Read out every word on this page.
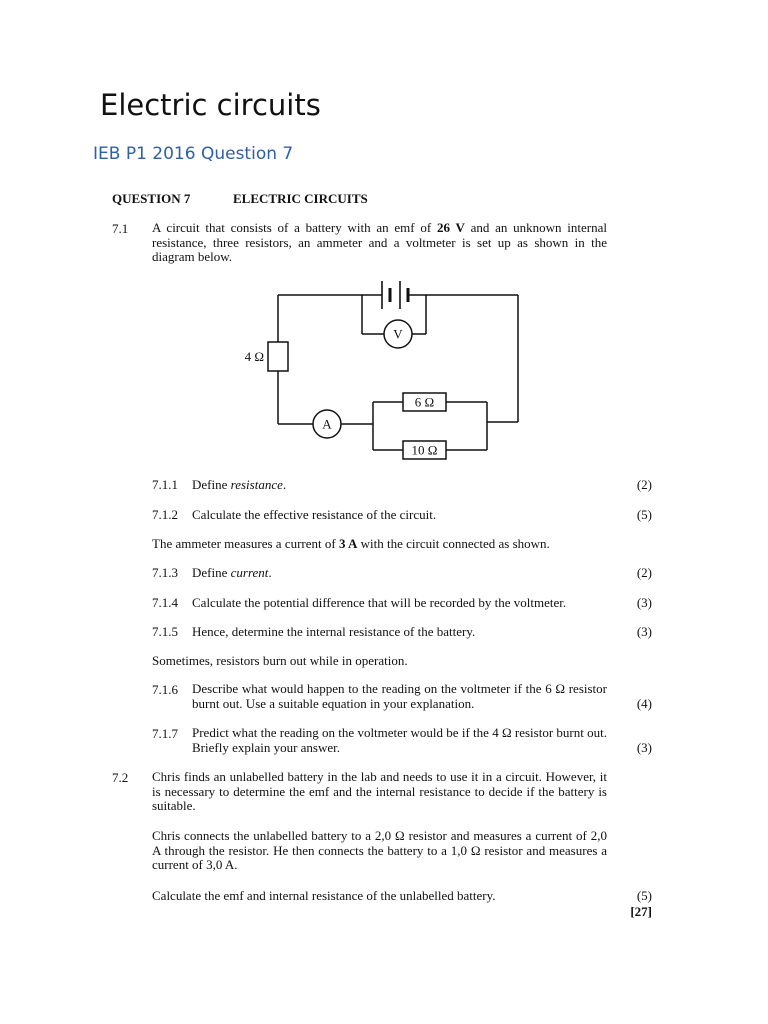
Electric circuits
IEB P1 2016 Question 7
QUESTION 7	ELECTRIC CIRCUITS
7.1 A circuit that consists of a battery with an emf of 26 V and an unknown internal resistance, three resistors, an ammeter and a voltmeter is set up as shown in the diagram below.
4 Ω
6 Ω
10 Ω
V
A
7.1.1 Define resistance.	(2)
7.1.2 Calculate the effective resistance of the circuit.	(5)
The ammeter measures a current of 3 A with the circuit connected as shown.
7.1.3 Define current.	(2)
7.1.4 Calculate the potential difference that will be recorded by the voltmeter.	(3)
7.1.5 Hence, determine the internal resistance of the battery.	(3)
Sometimes, resistors burn out while in operation.
7.1.6 Describe what would happen to the reading on the voltmeter if the 6 Ω resistor burnt out. Use a suitable equation in your explanation.	(4)
7.1.7 Predict what the reading on the voltmeter would be if the 4 Ω resistor burnt out. Briefly explain your answer.	(3)
7.2 Chris finds an unlabelled battery in the lab and needs to use it in a circuit. However, it is necessary to determine the emf and the internal resistance to decide if the battery is suitable.
Chris connects the unlabelled battery to a 2,0 Ω resistor and measures a current of 2,0 A through the resistor. He then connects the battery to a 1,0 Ω resistor and measures a current of 3,0 A.
Calculate the emf and internal resistance of the unlabelled battery.	(5)
[27]
